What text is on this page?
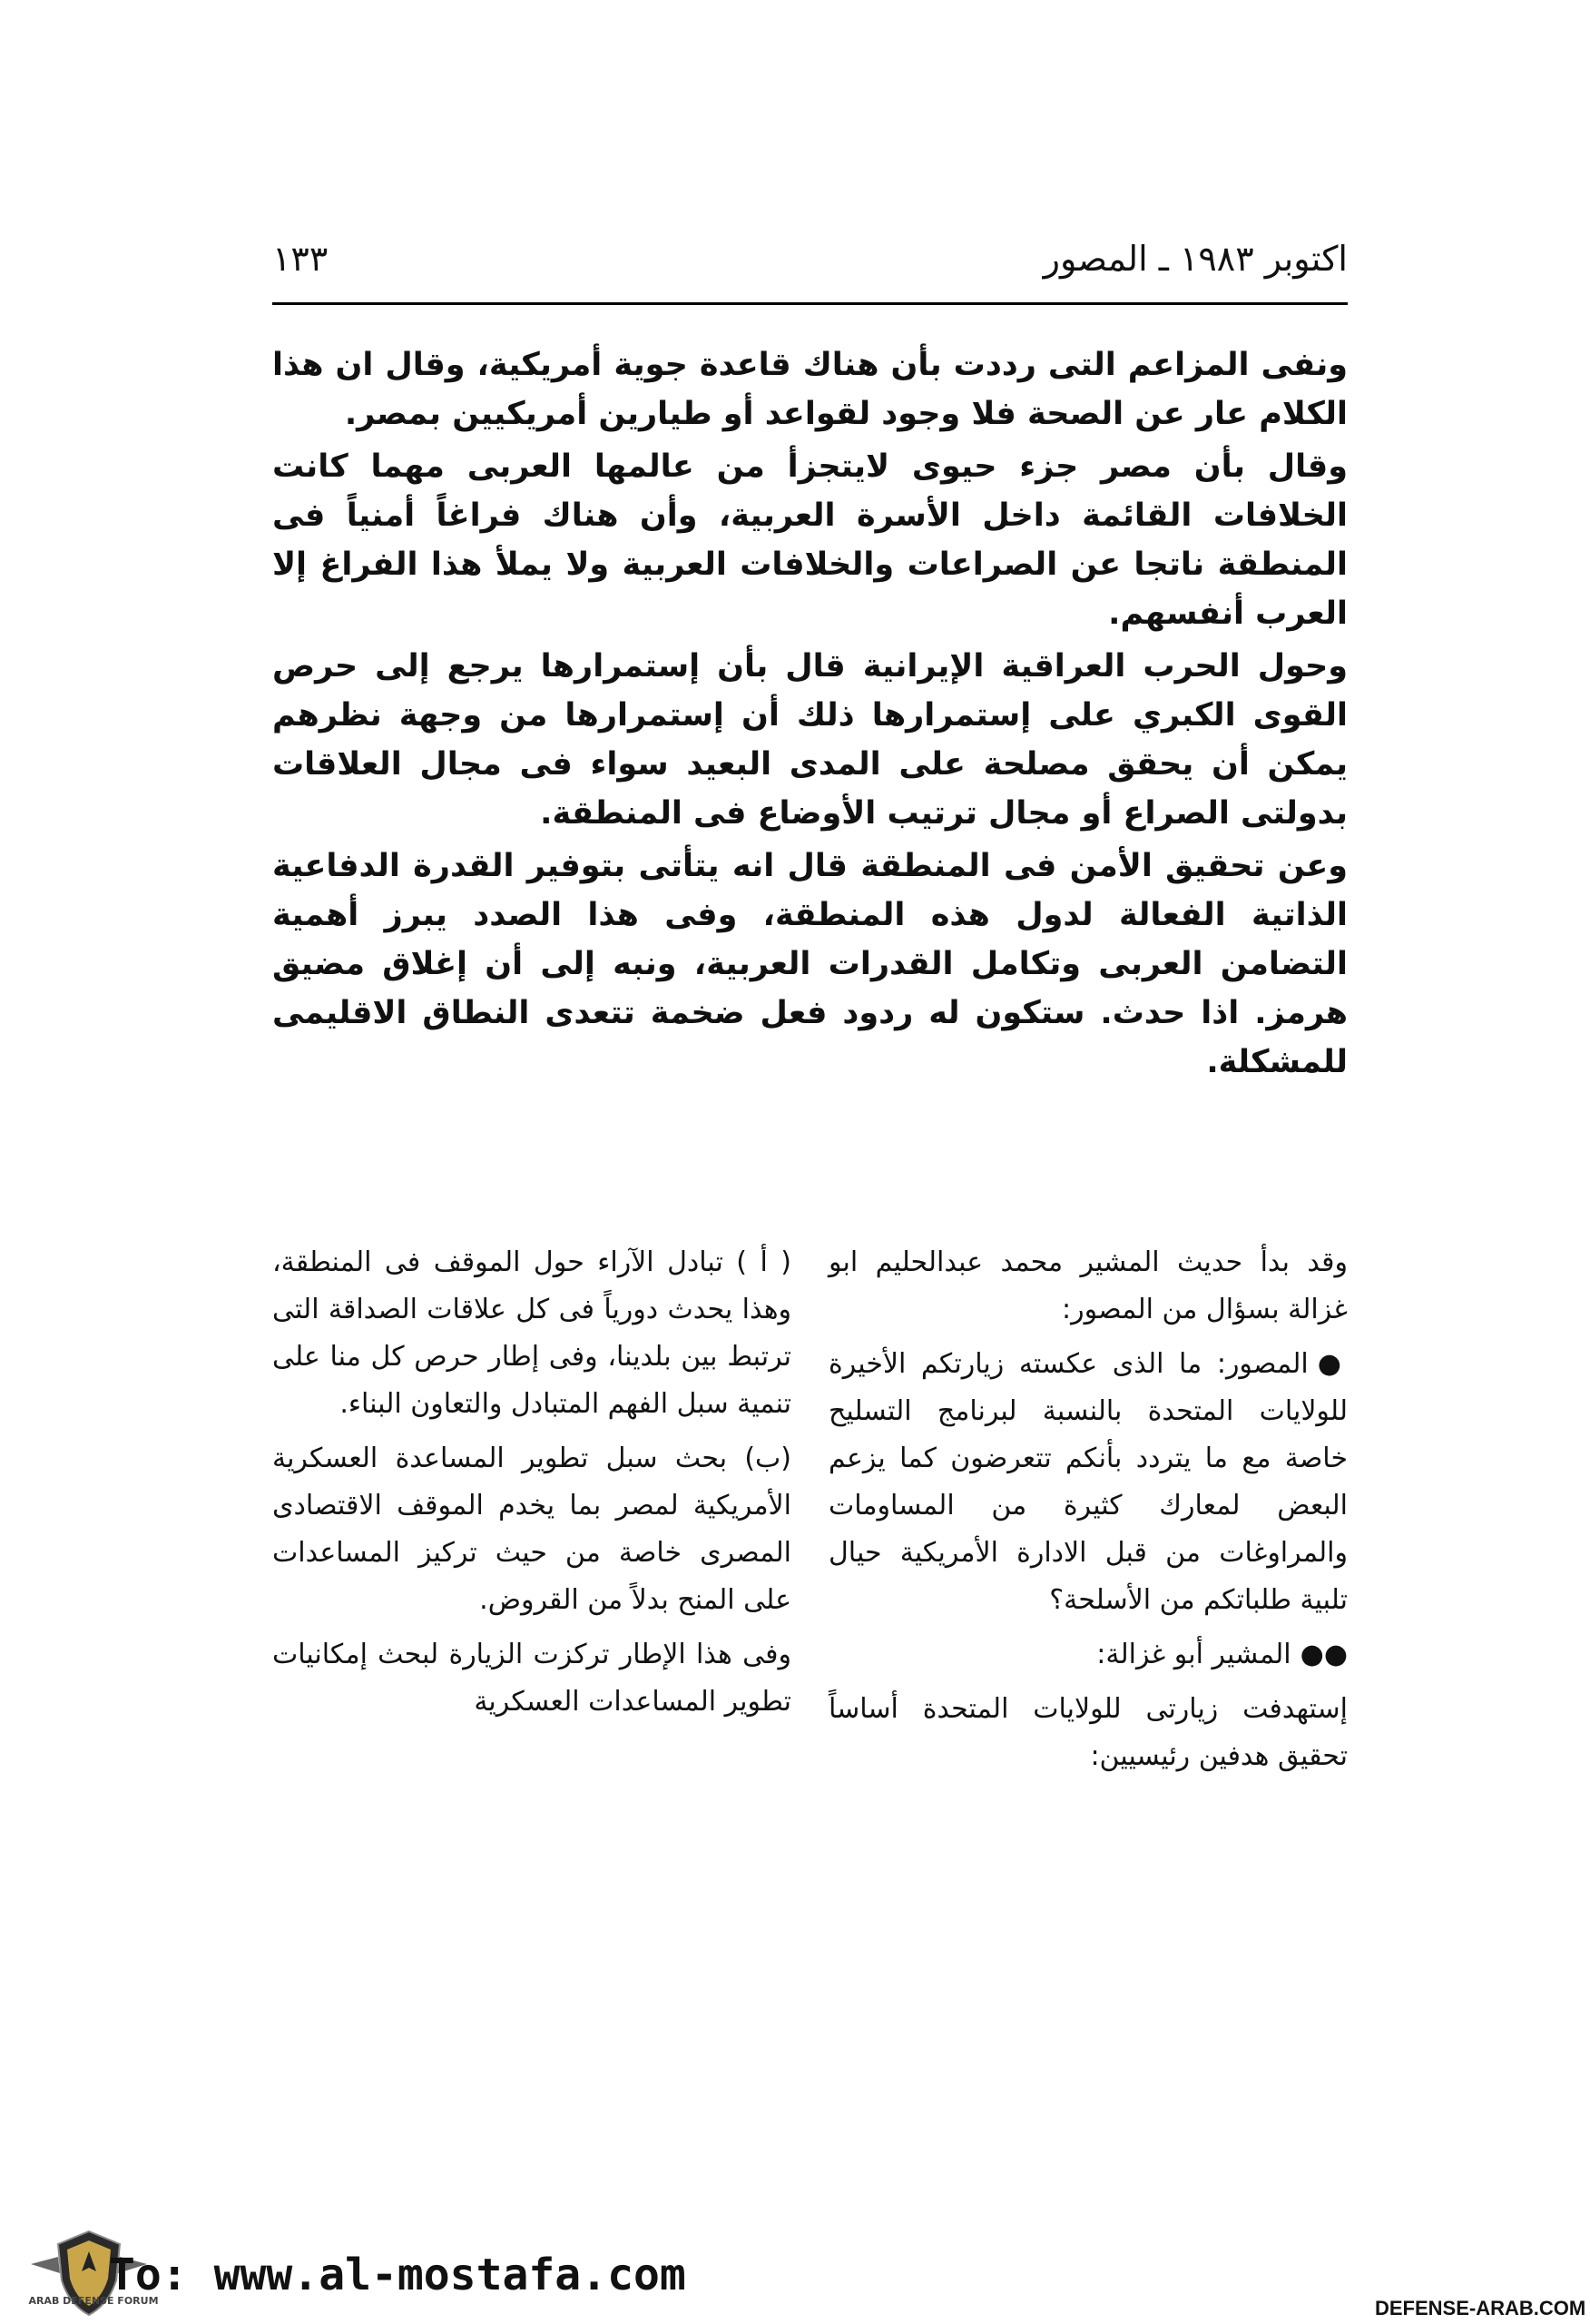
اكتوبر ١٩٨٣ ـ المصور
١٣٣

ونفى المزاعم التى رددت بأن هناك قاعدة جوية أمريكية، وقال ان هذا الكلام عار عن الصحة فلا وجود لقواعد أو طيارين أمريكيين بمصر.

وقال بأن مصر جزء حيوى لايتجزأ من عالمها العربى مهما كانت الخلافات القائمة داخل الأسرة العربية، وأن هناك فراغاً أمنياً فى المنطقة ناتجا عن الصراعات والخلافات العربية ولا يملأ هذا الفراغ إلا العرب أنفسهم.

وحول الحرب العراقية الإيرانية قال بأن إستمرارها يرجع إلى حرص القوى الكبري على إستمرارها ذلك أن إستمرارها من وجهة نظرهم يمكن أن يحقق مصلحة على المدى البعيد سواء فى مجال العلاقات بدولتى الصراع أو مجال ترتيب الأوضاع فى المنطقة.

وعن تحقيق الأمن فى المنطقة قال انه يتأتى بتوفير القدرة الدفاعية الذاتية الفعالة لدول هذه المنطقة، وفى هذا الصدد يبرز أهمية التضامن العربى وتكامل القدرات العربية، ونبه إلى أن إغلاق مضيق هرمز. اذا حدث. ستكون له ردود فعل ضخمة تتعدى النطاق الاقليمى للمشكلة.

وقد بدأ حديث المشير محمد عبدالحليم ابو غزالة بسؤال من المصور:

●المصور: ما الذى عكسته زيارتكم الأخيرة للولايات المتحدة بالنسبة لبرنامج التسليح خاصة مع ما يتردد بأنكم تتعرضون كما يزعم البعض لمعارك كثيرة من المساومات والمراوغات من قبل الادارة الأمريكية حيال تلبية طلباتكم من الأسلحة؟

●●المشير أبو غزالة:

إستهدفت زيارتى للولايات المتحدة أساساً تحقيق هدفين رئيسيين:

( أ ) تبادل الآراء حول الموقف فى المنطقة، وهذا يحدث دورياً فى كل علاقات الصداقة التى ترتبط بين بلدينا، وفى إطار حرص كل منا على تنمية سبل الفهم المتبادل والتعاون البناء.

(ب) بحث سبل تطوير المساعدة العسكرية الأمريكية لمصر بما يخدم الموقف الاقتصادى المصرى خاصة من حيث تركيز المساعدات على المنح بدلاً من القروض.

وفى هذا الإطار تركزت الزيارة لبحث إمكانيات تطوير المساعدات العسكرية

ARAB DEFENSE FORUM
To: www.al-mostafa.com
DEFENSE-ARAB.COM
